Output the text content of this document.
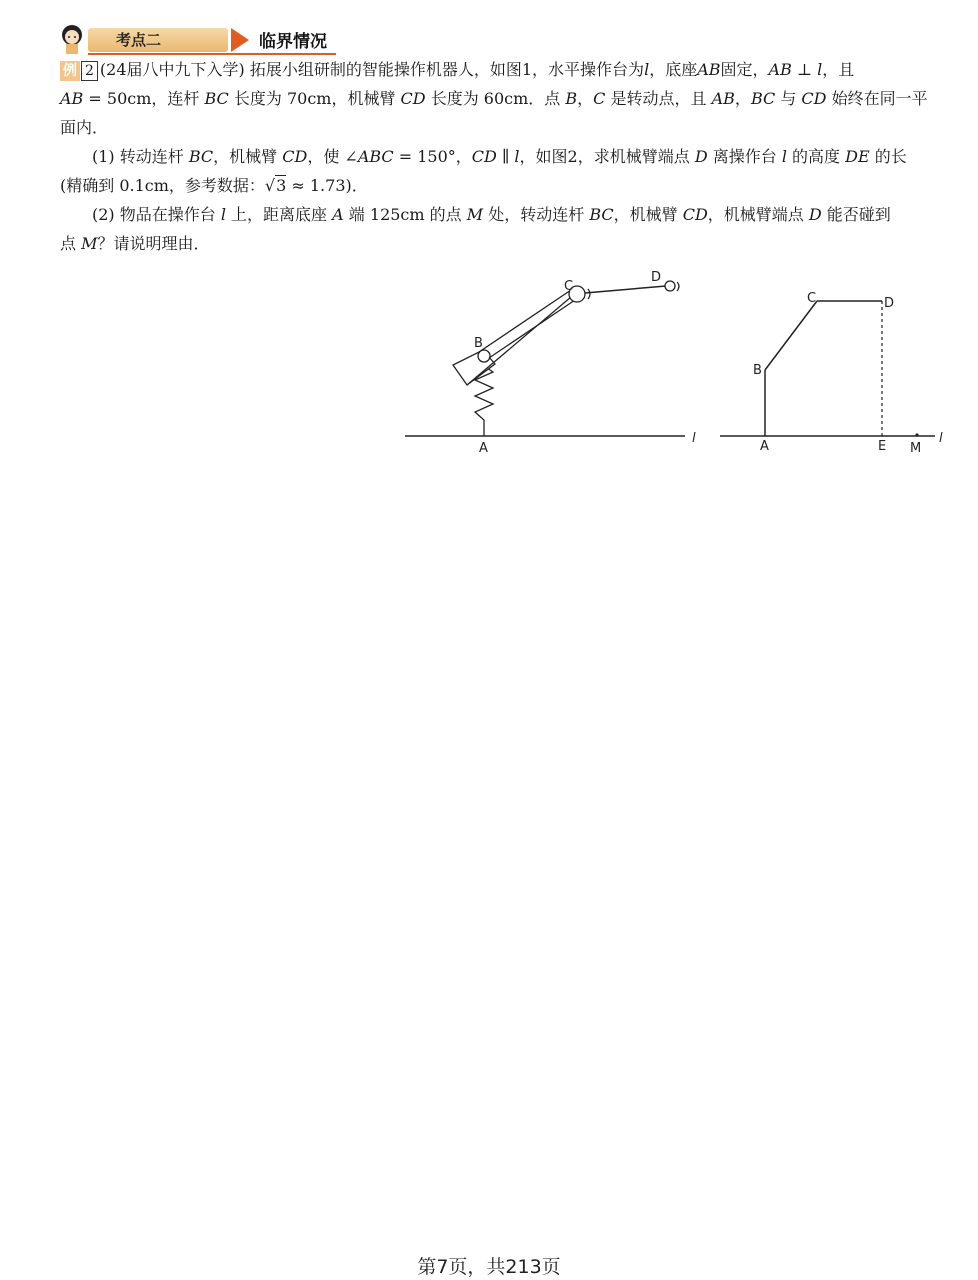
考点二	临界情况

例 2 (24届八中九下入学) 拓展小组研制的智能操作机器人，如图1，水平操作台为l，底座AB固定，AB ⊥ l，且
AB = 50cm，连杆 BC 长度为 70cm，机械臂 CD 长度为 60cm．点 B，C 是转动点，且 AB，BC 与 CD 始终在同一平
面内．

(1) 转动连杆 BC，机械臂 CD，使 ∠ABC = 150°，CD ∥ l，如图2，求机械臂端点 D 离操作台 l 的高度 DE 的长

(精确到 0.1cm，参考数据：√3 ≈ 1.73)．

(2) 物品在操作台 l 上，距离底座 A 端 125cm 的点 M 处，转动连杆 BC，机械臂 CD，机械臂端点 D 能否碰到

点 M？请说明理由．

l
A
B
C
D
l
A
B
C	D
E M
第7页，共213页
